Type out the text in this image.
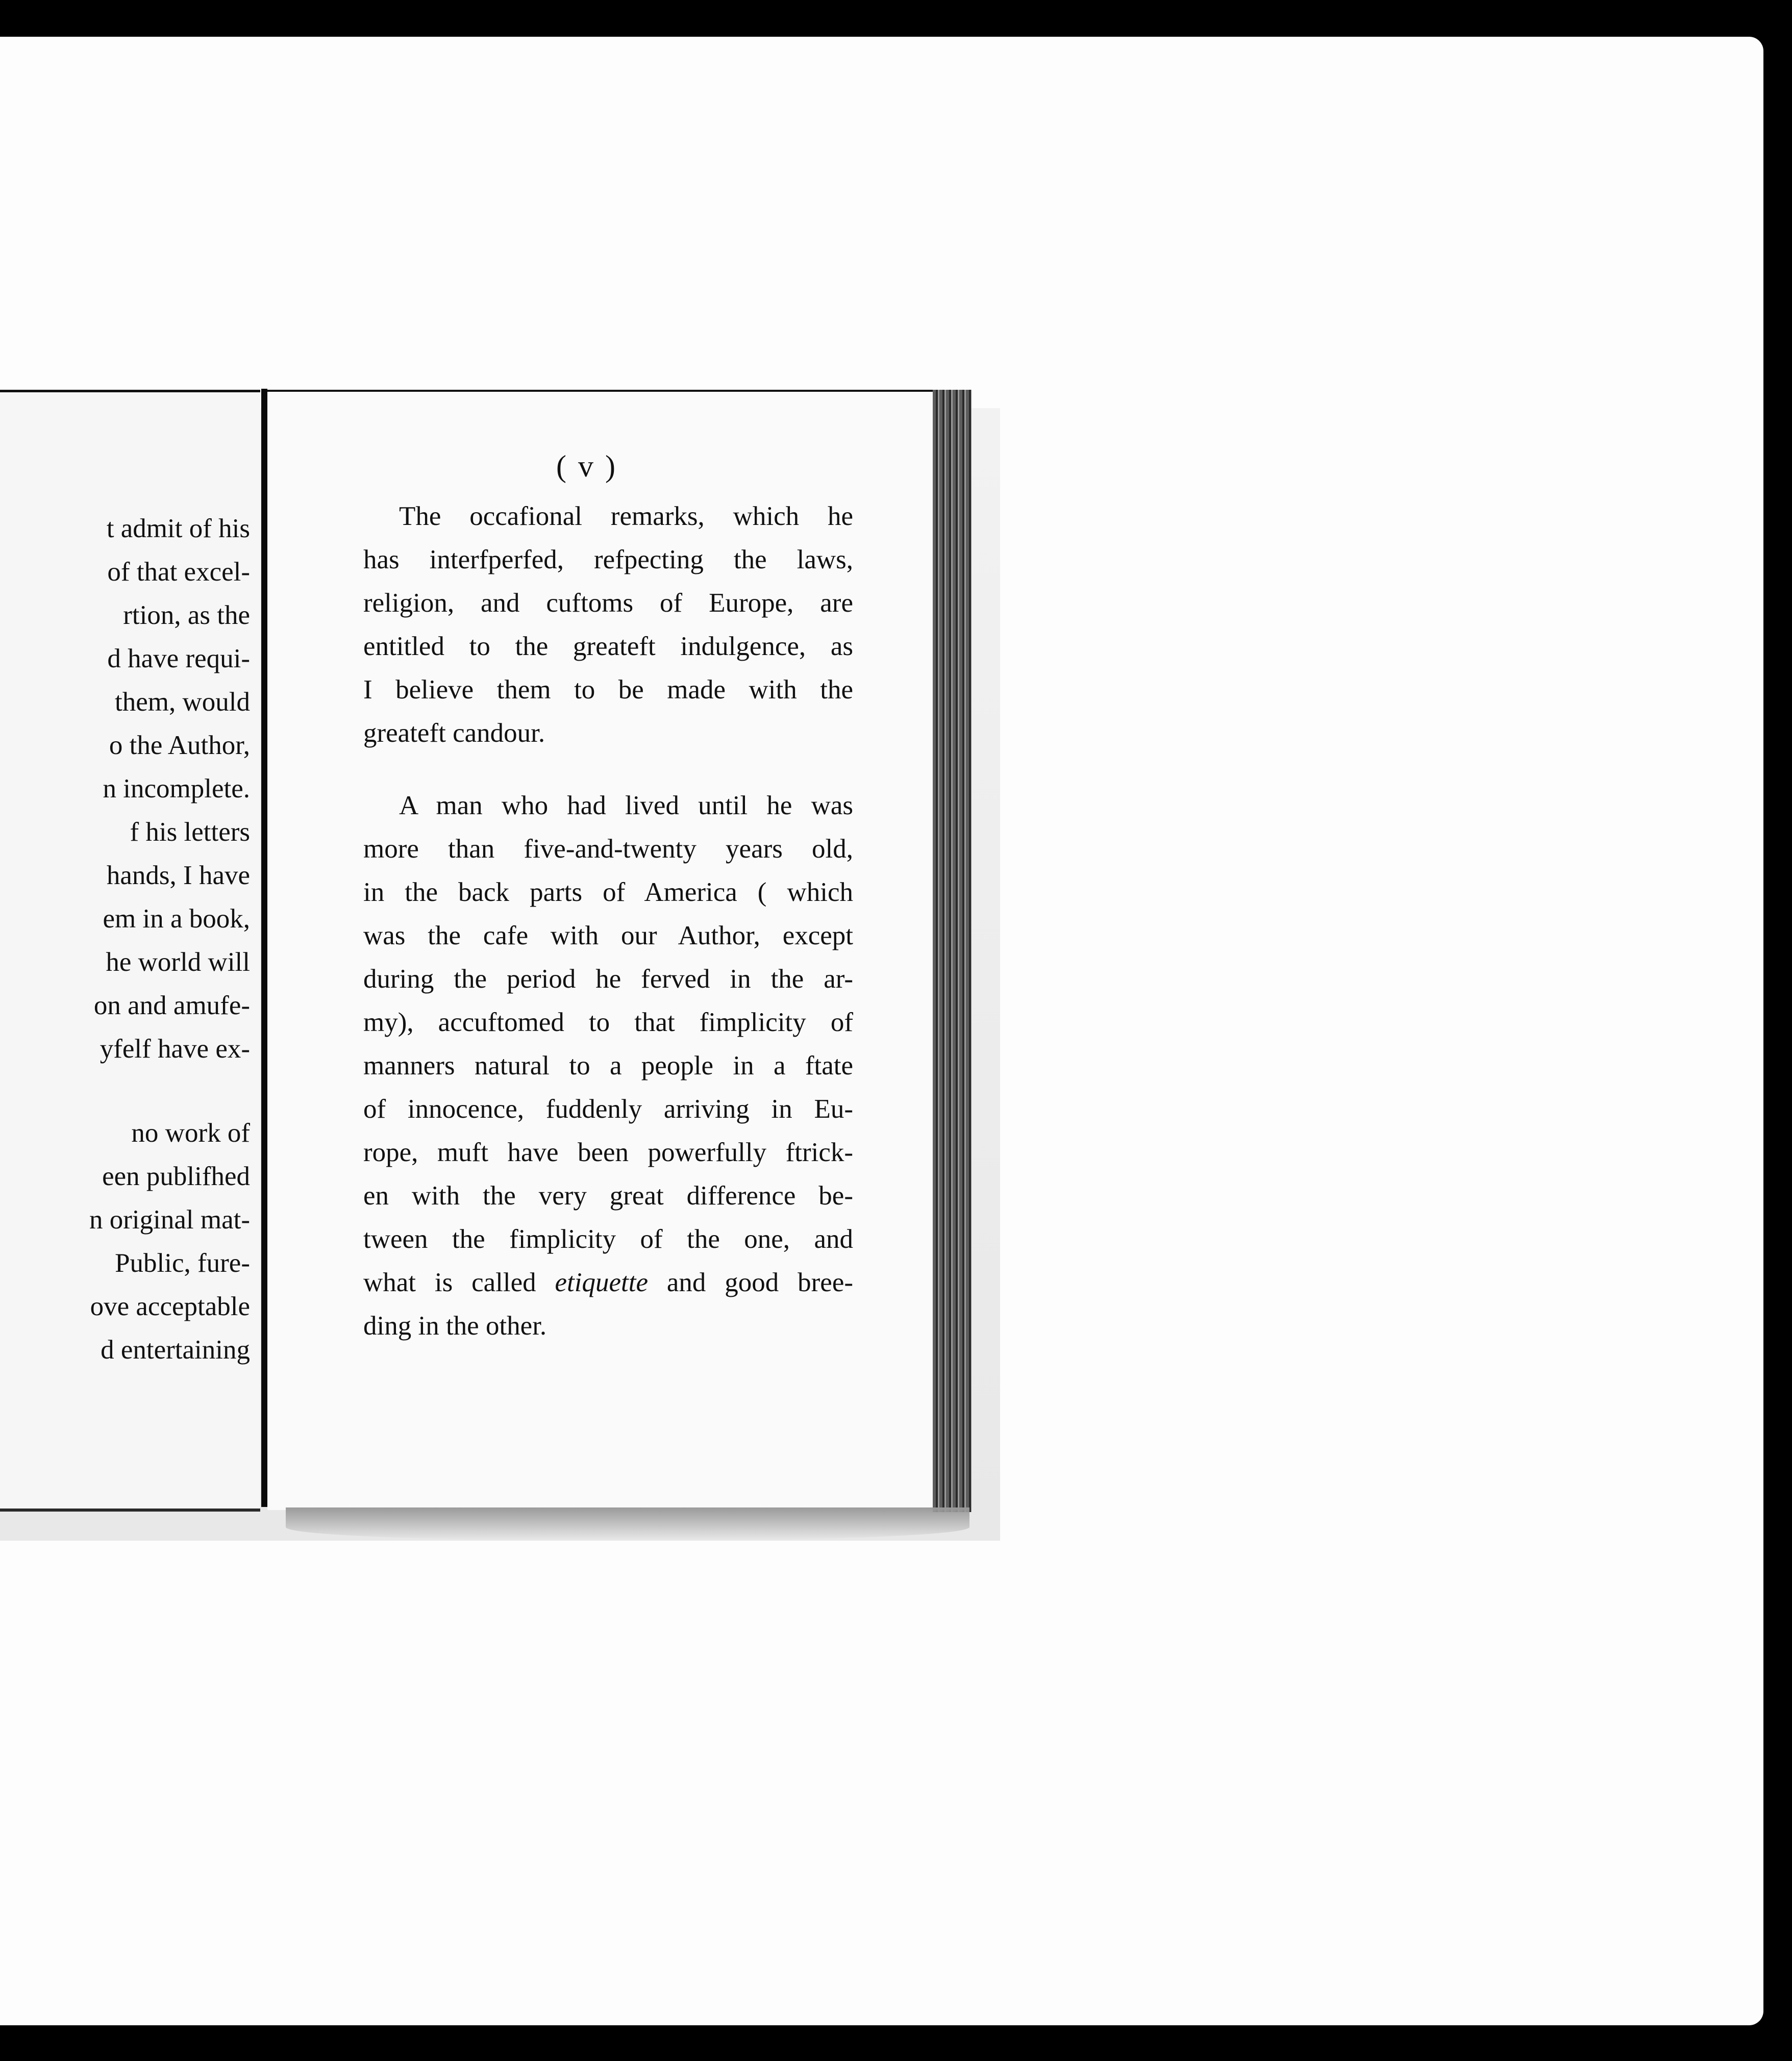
t admit of his
of that excel-
rtion, as the
d have requi-
them, would
o the Author,
n incomplete.
f his letters
hands, I have
em in a book,
he world will
on and amufe-
yfelf have ex-
no work of
een publifhed
n original mat-
Public, fure-
ove acceptable
d entertaining
( v )
The occafional remarks, which he
has interfperfed, refpecting the laws,
religion, and cuftoms of Europe, are
entitled to the greateft indulgence, as
I believe them to be made with the
greateft candour.
A man who had lived until he was
more than five-and-twenty years old,
in the back parts of America ( which
was the cafe with our Author, except
during the period he ferved in the ar-
my), accuftomed to that fimplicity of
manners natural to a people in a ftate
of innocence, fuddenly arriving in Eu-
rope, muft have been powerfully ftrick-
en with the very great difference be-
tween the fimplicity of the one, and
what is called etiquette and good bree-
ding in the other.
